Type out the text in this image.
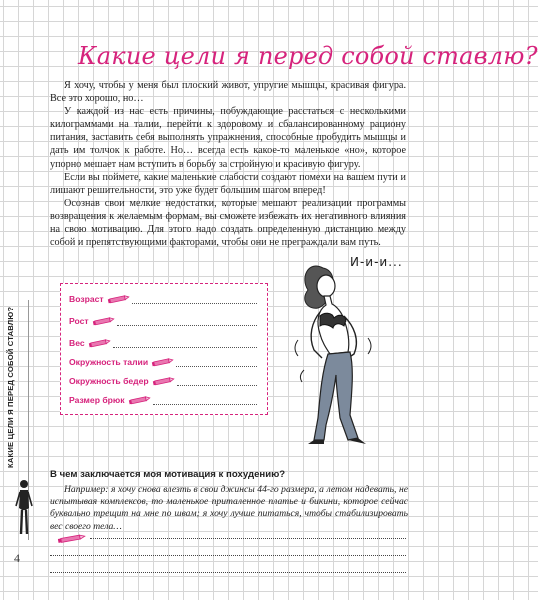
Какие цели я перед собой ставлю?

Я хочу, чтобы у меня был плоский живот, упругие мышцы, красивая фигура. Все это хорошо, но…

У каждой из нас есть причины, побуждающие расстаться с несколькими килограммами на талии, перейти к здоровому и сбалансированному рациону питания, заставить себя выполнять упражнения, способные пробудить мышцы и дать им толчок к работе. Но… всегда есть какое-то маленькое «но», которое упорно мешает нам вступить в борьбу за стройную и красивую фигуру.

Если вы поймете, какие маленькие слабости создают помехи на вашем пути и лишают решительности, это уже будет большим шагом вперед!

Осознав свои мелкие недостатки, которые мешают реализации программы возвращения к желаемым формам, вы сможете избежать их негативного влияния на свою мотивацию. Для этого надо создать определенную дистанцию между собой и препятствующими факторами, чтобы они не преграждали вам путь.

Возраст
Рост
Вес
Окружность талии
Окружность бедер
Размер брюк
И-и-и...
В чем заключается моя мотивация к похудению?

Например: я хочу снова влезть в свои джинсы 44-го размера, а летом надевать, не испытывая комплексов, то маленькое приталенное платье и бикини, которое сейчас буквально трещит на мне по швам; я хочу лучше питаться, чтобы стабилизировать вес своего тела…

КАКИЕ ЦЕЛИ Я ПЕРЕД СОБОЙ СТАВЛЮ?
4
